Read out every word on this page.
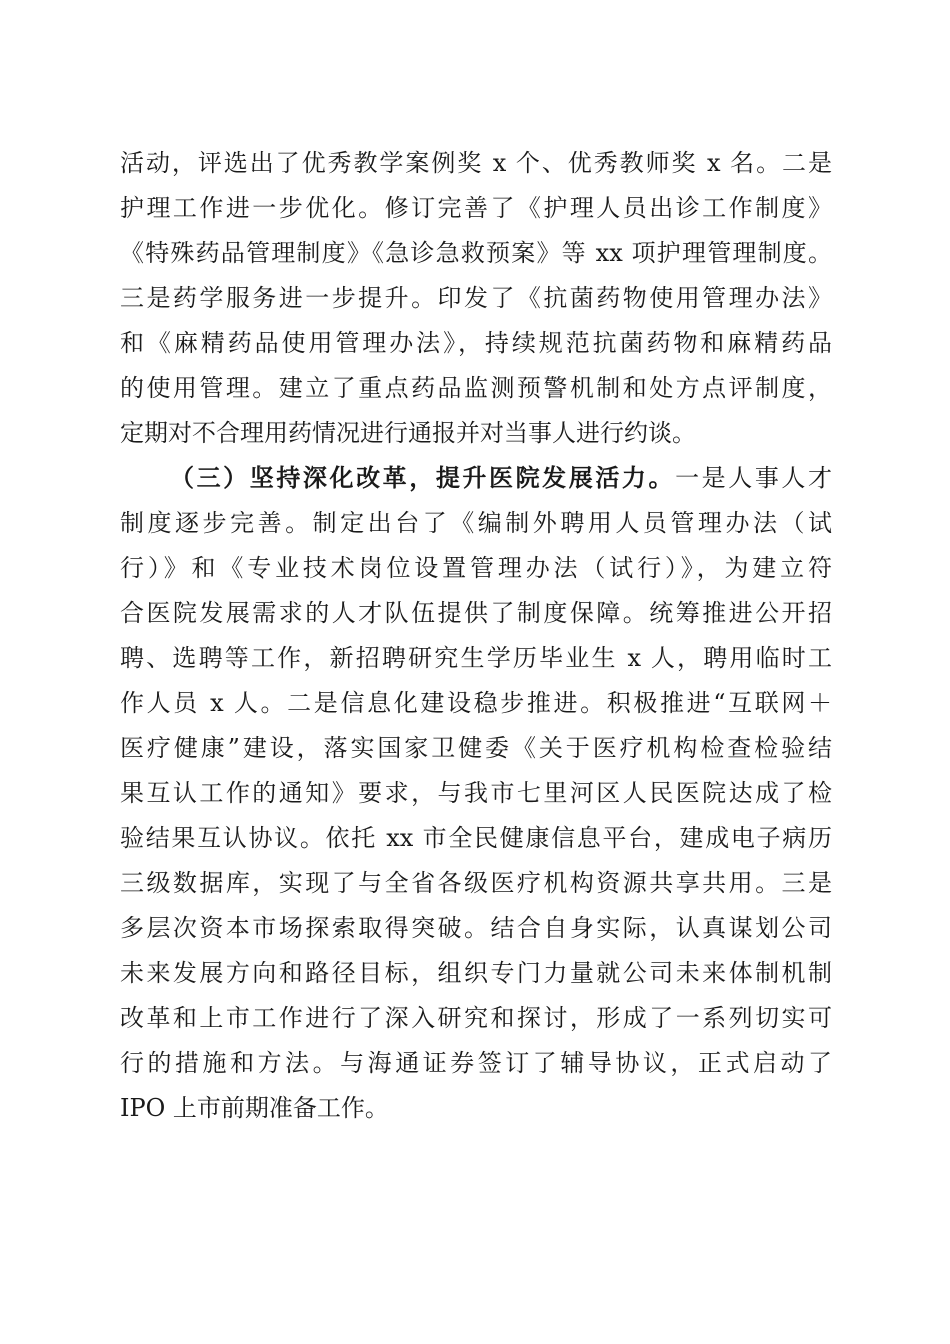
活动，评选出了优秀教学案例奖 x 个、优秀教师奖 x 名。二是
护理工作进一步优化。修订完善了《护理人员出诊工作制度》
《特殊药品管理制度》《急诊急救预案》等 xx 项护理管理制度。
三是药学服务进一步提升。印发了《抗菌药物使用管理办法》
和《麻精药品使用管理办法》，持续规范抗菌药物和麻精药品
的使用管理。建立了重点药品监测预警机制和处方点评制度，
定期对不合理用药情况进行通报并对当事人进行约谈。
（三）坚持深化改革，提升医院发展活力。一是人事人才
制度逐步完善。制定出台了《编制外聘用人员管理办法（试
行）》和《专业技术岗位设置管理办法（试行）》，为建立符
合医院发展需求的人才队伍提供了制度保障。统筹推进公开招
聘、选聘等工作，新招聘研究生学历毕业生 x 人，聘用临时工
作人员 x 人。二是信息化建设稳步推进。积极推进“互联网＋
医疗健康”建设，落实国家卫健委《关于医疗机构检查检验结
果互认工作的通知》要求，与我市七里河区人民医院达成了检
验结果互认协议。依托 xx 市全民健康信息平台，建成电子病历
三级数据库，实现了与全省各级医疗机构资源共享共用。三是
多层次资本市场探索取得突破。结合自身实际，认真谋划公司
未来发展方向和路径目标，组织专门力量就公司未来体制机制
改革和上市工作进行了深入研究和探讨，形成了一系列切实可
行的措施和方法。与海通证券签订了辅导协议，正式启动了
IPO 上市前期准备工作。
